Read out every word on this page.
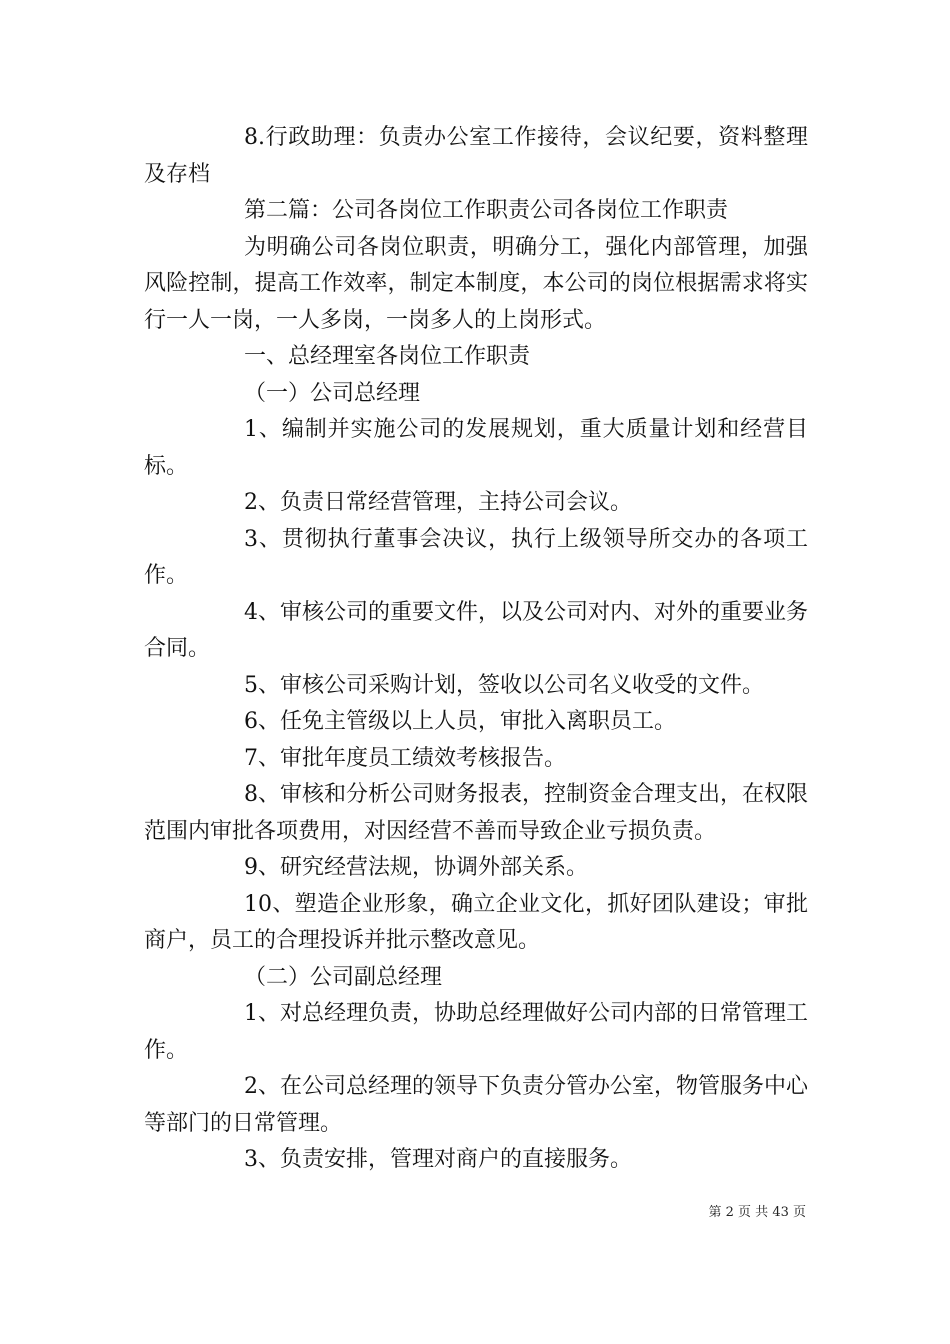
8.行政助理：负责办公室工作接待，会议纪要，资料整理及存档

第二篇：公司各岗位工作职责公司各岗位工作职责

为明确公司各岗位职责，明确分工，强化内部管理，加强风险控制，提高工作效率，制定本制度，本公司的岗位根据需求将实行一人一岗，一人多岗，一岗多人的上岗形式。

一、总经理室各岗位工作职责

（一）公司总经理

1、编制并实施公司的发展规划，重大质量计划和经营目标。

2、负责日常经营管理，主持公司会议。

3、贯彻执行董事会决议，执行上级领导所交办的各项工作。

4、审核公司的重要文件，以及公司对内、对外的重要业务合同。

5、审核公司采购计划，签收以公司名义收受的文件。

6、任免主管级以上人员，审批入离职员工。

7、审批年度员工绩效考核报告。

8、审核和分析公司财务报表，控制资金合理支出，在权限范围内审批各项费用，对因经营不善而导致企业亏损负责。

9、研究经营法规，协调外部关系。

10、塑造企业形象，确立企业文化，抓好团队建设；审批商户，员工的合理投诉并批示整改意见。

（二）公司副总经理

1、对总经理负责，协助总经理做好公司内部的日常管理工作。

2、在公司总经理的领导下负责分管办公室，物管服务中心等部门的日常管理。

3、负责安排，管理对商户的直接服务。

第 2 页 共 43 页
